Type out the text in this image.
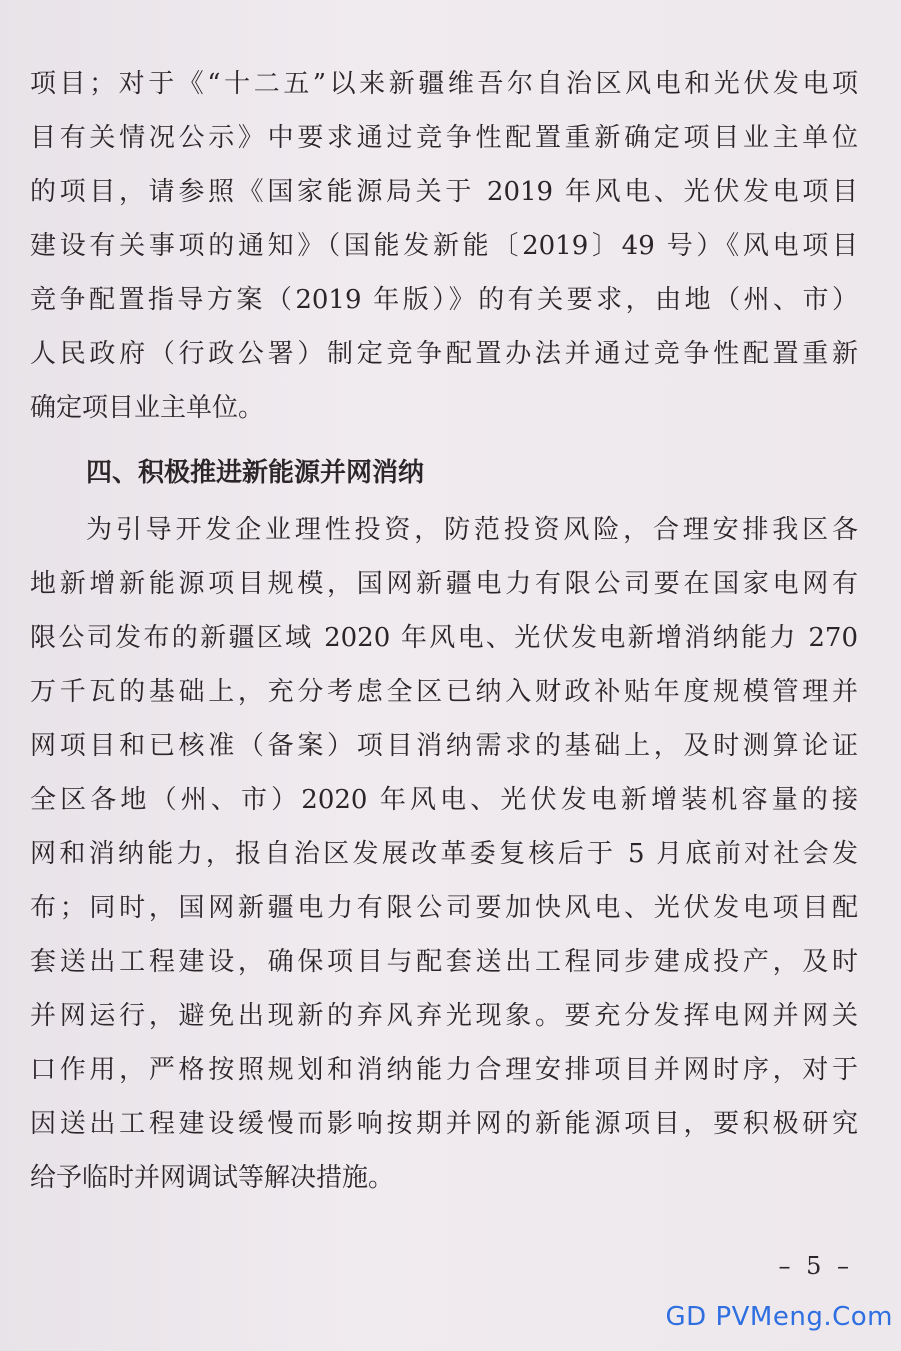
项目；对于《“十二五”以来新疆维吾尔自治区风电和光伏发电项
目有关情况公示》中要求通过竞争性配置重新确定项目业主单位
的项目，请参照《国家能源局关于 2019 年风电、光伏发电项目
建设有关事项的通知》（国能发新能〔2019〕49 号）《风电项目
竞争配置指导方案（2019 年版）》的有关要求，由地（州、市）
人民政府（行政公署）制定竞争配置办法并通过竞争性配置重新
确定项目业主单位。
四、积极推进新能源并网消纳
为引导开发企业理性投资，防范投资风险，合理安排我区各
地新增新能源项目规模，国网新疆电力有限公司要在国家电网有
限公司发布的新疆区域 2020 年风电、光伏发电新增消纳能力 270
万千瓦的基础上，充分考虑全区已纳入财政补贴年度规模管理并
网项目和已核准（备案）项目消纳需求的基础上，及时测算论证
全区各地（州、市）2020 年风电、光伏发电新增装机容量的接
网和消纳能力，报自治区发展改革委复核后于 5 月底前对社会发
布；同时，国网新疆电力有限公司要加快风电、光伏发电项目配
套送出工程建设，确保项目与配套送出工程同步建成投产，及时
并网运行，避免出现新的弃风弃光现象。要充分发挥电网并网关
口作用，严格按照规划和消纳能力合理安排项目并网时序，对于
因送出工程建设缓慢而影响按期并网的新能源项目，要积极研究
给予临时并网调试等解决措施。
– 5 –
GD PVMeng.Com
